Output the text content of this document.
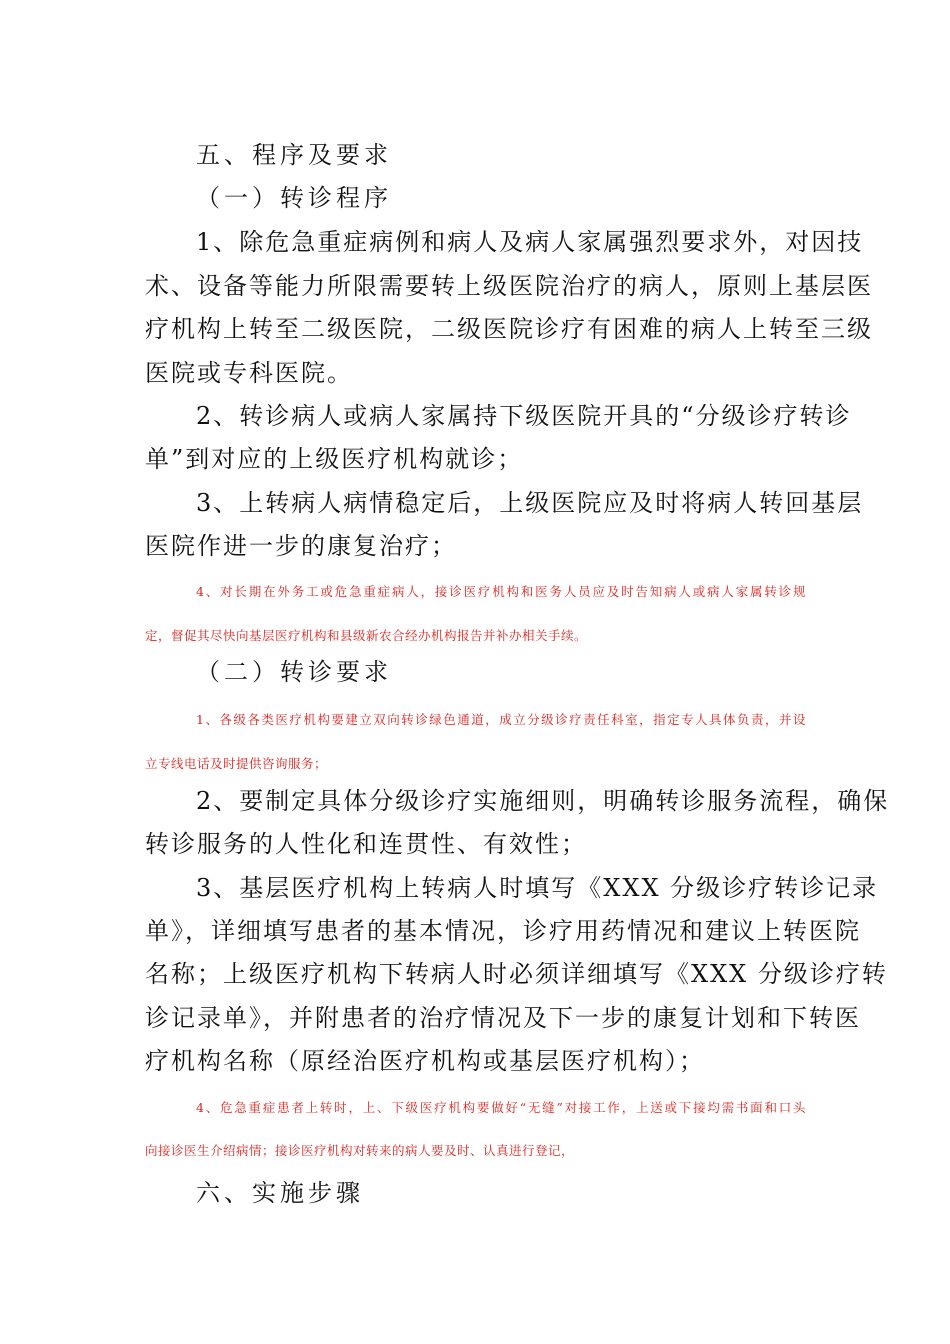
五、程序及要求

（一）转诊程序

1、除危急重症病例和病人及病人家属强烈要求外，对因技

术、设备等能力所限需要转上级医院治疗的病人，原则上基层医

疗机构上转至二级医院，二级医院诊疗有困难的病人上转至三级

医院或专科医院。

2、转诊病人或病人家属持下级医院开具的“分级诊疗转诊

单”到对应的上级医疗机构就诊；

3、上转病人病情稳定后，上级医院应及时将病人转回基层

医院作进一步的康复治疗；

4、对长期在外务工或危急重症病人，接诊医疗机构和医务人员应及时告知病人或病人家属转诊规

定，督促其尽快向基层医疗机构和县级新农合经办机构报告并补办相关手续。

（二）转诊要求

1、各级各类医疗机构要建立双向转诊绿色通道，成立分级诊疗责任科室，指定专人具体负责，并设

立专线电话及时提供咨询服务；

2、要制定具体分级诊疗实施细则，明确转诊服务流程，确保

转诊服务的人性化和连贯性、有效性；

3、基层医疗机构上转病人时填写《XXX 分级诊疗转诊记录

单》，详细填写患者的基本情况，诊疗用药情况和建议上转医院

名称；上级医疗机构下转病人时必须详细填写《XXX 分级诊疗转

诊记录单》，并附患者的治疗情况及下一步的康复计划和下转医

疗机构名称（原经治医疗机构或基层医疗机构）；

4、危急重症患者上转时，上、下级医疗机构要做好“无缝”对接工作，上送或下接均需书面和口头

向接诊医生介绍病情；接诊医疗机构对转来的病人要及时、认真进行登记，

六、实施步骤
